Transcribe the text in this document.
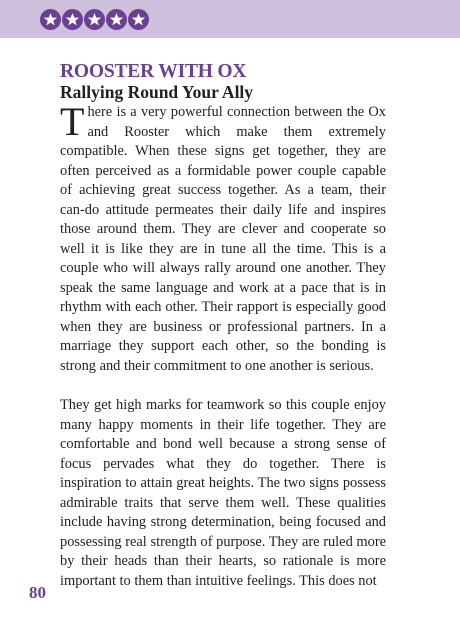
ROOSTER WITH OX
Rallying Round Your Ally

There is a very powerful connection between the Ox and Rooster which make them extremely compatible. When these signs get together, they are often perceived as a formidable power couple capable of achieving great success together. As a team, their can-do attitude permeates their daily life and inspires those around them. They are clever and cooperate so well it is like they are in tune all the time. This is a couple who will always rally around one another. They speak the same language and work at a pace that is in rhythm with each other. Their rapport is especially good when they are business or professional partners. In a marriage they support each other, so the bonding is strong and their commitment to one another is serious.

They get high marks for teamwork so this couple enjoy many happy moments in their life together. They are comfortable and bond well because a strong sense of focus pervades what they do together. There is inspiration to attain great heights. The two signs possess admirable traits that serve them well. These qualities include having strong determination, being focused and possessing real strength of purpose. They are ruled more by their heads than their hearts, so rationale is more important to them than intuitive feelings. This does not

80
